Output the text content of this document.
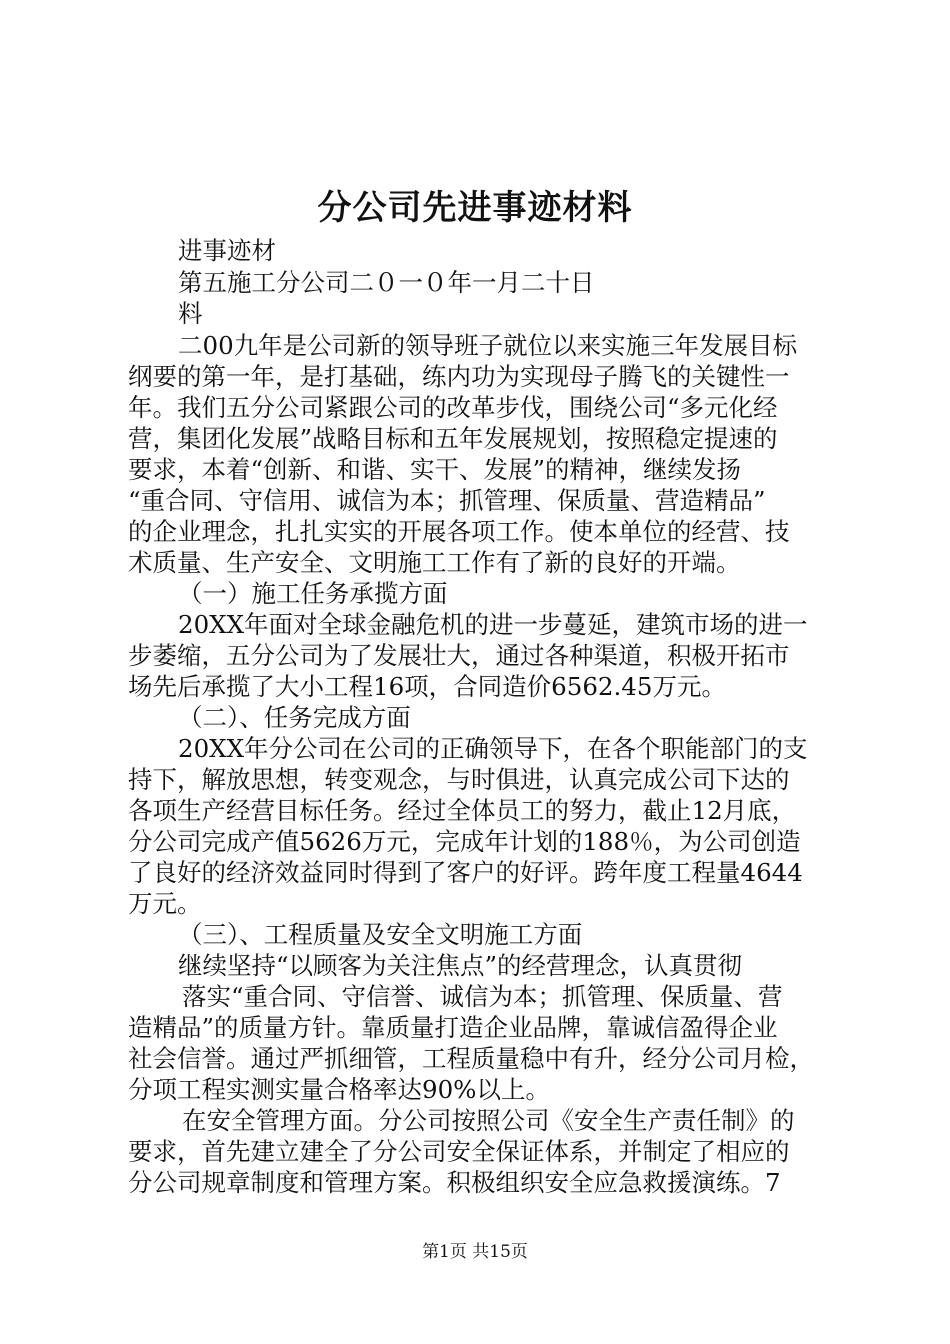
分公司先进事迹材料
进事迹材
第五施工分公司二０一０年一月二十日
料
二00九年是公司新的领导班子就位以来实施三年发展目标
纲要的第一年，是打基础，练内功为实现母子腾飞的关键性一
年。我们五分公司紧跟公司的改革步伐，围绕公司“多元化经
营，集团化发展”战略目标和五年发展规划，按照稳定提速的
要求，本着“创新、和谐、实干、发展”的精神，继续发扬
“重合同、守信用、诚信为本；抓管理、保质量、营造精品”
的企业理念，扎扎实实的开展各项工作。使本单位的经营、技
术质量、生产安全、文明施工工作有了新的良好的开端。
（一）施工任务承揽方面
20XX年面对全球金融危机的进一步蔓延，建筑市场的进一
步萎缩，五分公司为了发展壮大，通过各种渠道，积极开拓市
场先后承揽了大小工程16项，合同造价6562.45万元。
（二）、任务完成方面
20XX年分公司在公司的正确领导下，在各个职能部门的支
持下，解放思想，转变观念，与时俱进，认真完成公司下达的
各项生产经营目标任务。经过全体员工的努力，截止12月底，
分公司完成产值5626万元，完成年计划的188％，为公司创造
了良好的经济效益同时得到了客户的好评。跨年度工程量4644
万元。
（三）、工程质量及安全文明施工方面
继续坚持“以顾客为关注焦点”的经营理念，认真贯彻
落实“重合同、守信誉、诚信为本；抓管理、保质量、营
造精品”的质量方针。靠质量打造企业品牌，靠诚信盈得企业
社会信誉。通过严抓细管，工程质量稳中有升，经分公司月检，
分项工程实测实量合格率达90%以上。
在安全管理方面。分公司按照公司《安全生产责任制》的
要求，首先建立建全了分公司安全保证体系，并制定了相应的
分公司规章制度和管理方案。积极组织安全应急救援演练。7
第1页 共15页
